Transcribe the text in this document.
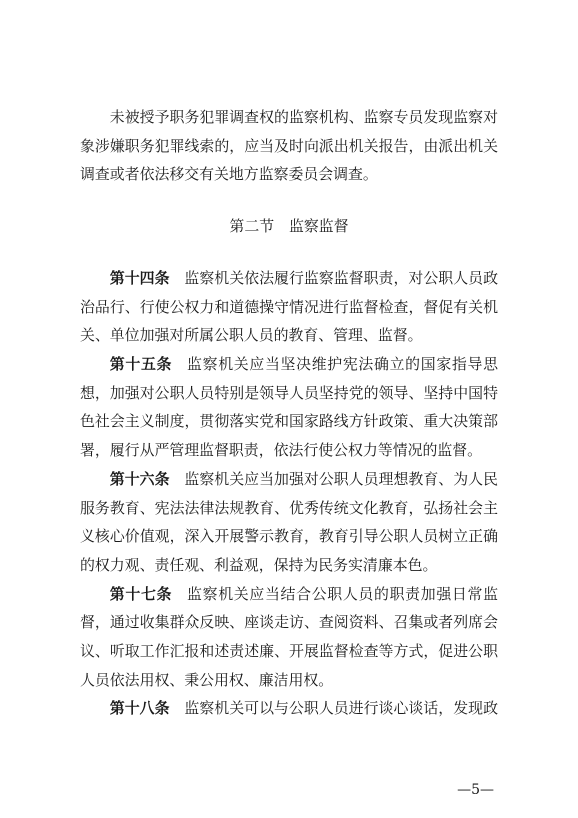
未被授予职务犯罪调查权的监察机构、监察专员发现监察对
象涉嫌职务犯罪线索的，应当及时向派出机关报告，由派出机关
调查或者依法移交有关地方监察委员会调查。
第二节 监察监督
第十四条 监察机关依法履行监察监督职责，对公职人员政
治品行、行使公权力和道德操守情况进行监督检查，督促有关机
关、单位加强对所属公职人员的教育、管理、监督。
第十五条 监察机关应当坚决维护宪法确立的国家指导思
想，加强对公职人员特别是领导人员坚持党的领导、坚持中国特
色社会主义制度，贯彻落实党和国家路线方针政策、重大决策部
署，履行从严管理监督职责，依法行使公权力等情况的监督。
第十六条 监察机关应当加强对公职人员理想教育、为人民
服务教育、宪法法律法规教育、优秀传统文化教育，弘扬社会主
义核心价值观，深入开展警示教育，教育引导公职人员树立正确
的权力观、责任观、利益观，保持为民务实清廉本色。
第十七条 监察机关应当结合公职人员的职责加强日常监
督，通过收集群众反映、座谈走访、查阅资料、召集或者列席会
议、听取工作汇报和述责述廉、开展监督检查等方式，促进公职
人员依法用权、秉公用权、廉洁用权。
第十八条 监察机关可以与公职人员进行谈心谈话，发现政
—5—
